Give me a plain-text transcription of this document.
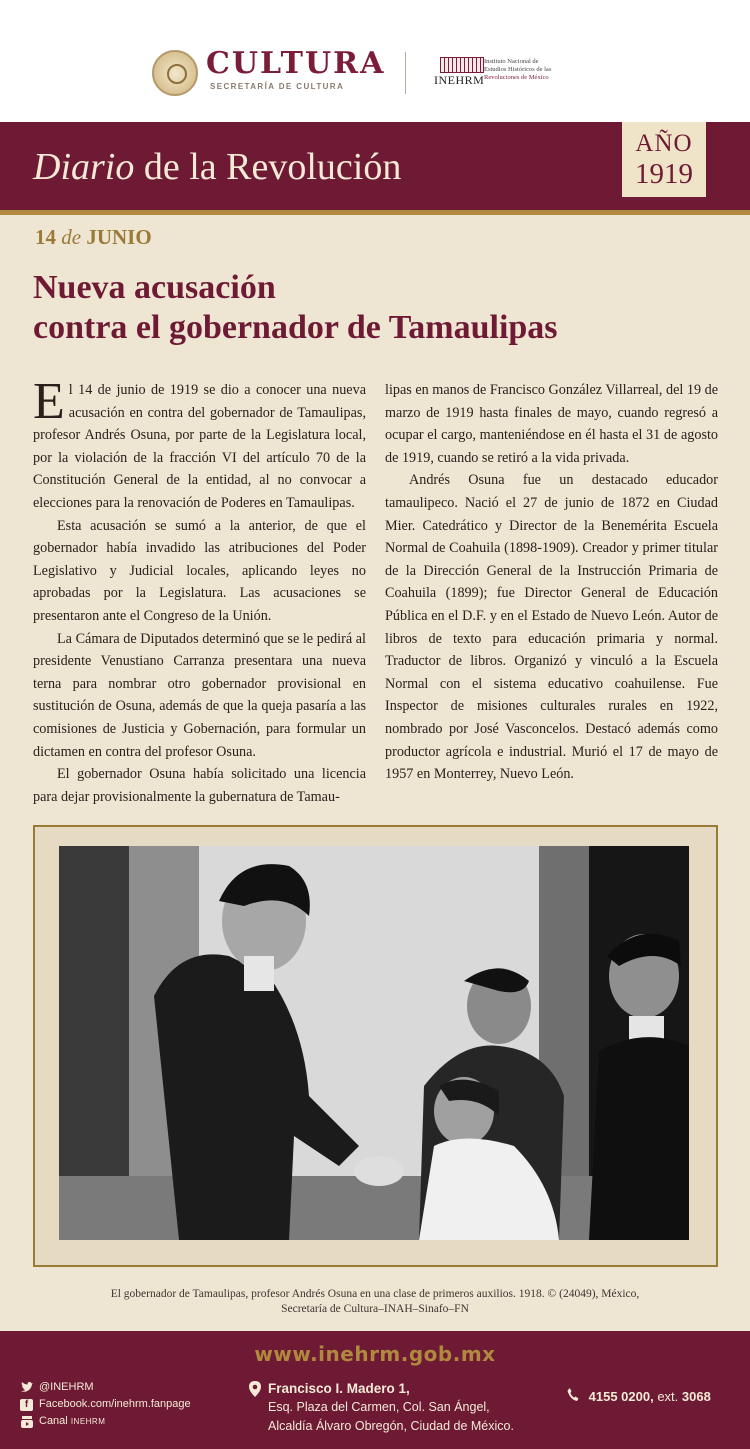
CULTURA
SECRETARÍA DE CULTURA	INEHRM
Instituto Nacional de
Estudios Históricos de las
Revoluciones de México
Diario de la Revolución
AÑO
1919
14 de JUNIO
Nueva acusación
contra el gobernador de Tamaulipas

El 14 de junio de 1919 se dio a conocer una nueva acusación en contra del gobernador de Tamaulipas, profesor Andrés Osuna, por parte de la Legislatura local, por la violación de la fracción VI del artículo 70 de la Constitución General de la entidad, al no convocar a elecciones para la renovación de Poderes en Tamaulipas.

Esta acusación se sumó a la anterior, de que el gobernador había invadido las atribuciones del Poder Legislativo y Judicial locales, aplicando leyes no aprobadas por la Legislatura. Las acusaciones se presentaron ante el Congreso de la Unión.

La Cámara de Diputados determinó que se le pedirá al presidente Venustiano Carranza presentara una nueva terna para nombrar otro gobernador provisional en sustitución de Osuna, además de que la queja pasaría a las comisiones de Justicia y Gobernación, para formular un dictamen en contra del profesor Osuna.

El gobernador Osuna había solicitado una licencia para dejar provisionalmente la gubernatura de Tamau-

lipas en manos de Francisco González Villarreal, del 19 de marzo de 1919 hasta finales de mayo, cuando regresó a ocupar el cargo, manteniéndose en él hasta el 31 de agosto de 1919, cuando se retiró a la vida privada.

Andrés Osuna fue un destacado educador tamaulipeco. Nació el 27 de junio de 1872 en Ciudad Mier. Catedrático y Director de la Benemérita Escuela Normal de Coahuila (1898-1909). Creador y primer titular de la Dirección General de la Instrucción Primaria de Coahuila (1899); fue Director General de Educación Pública en el D.F. y en el Estado de Nuevo León. Autor de libros de texto para educación primaria y normal. Traductor de libros. Organizó y vinculó a la Escuela Normal con el sistema educativo coahuilense. Fue Inspector de misiones culturales rurales en 1922, nombrado por José Vasconcelos. Destacó además como productor agrícola e industrial. Murió el 17 de mayo de 1957 en Monterrey, Nuevo León.

El gobernador de Tamaulipas, profesor Andrés Osuna en una clase de primeros auxilios. 1918. © (24049), México,
Secretaría de Cultura–INAH–Sinafo–FN
www.inehrm.gob.mx
@INEHRM
f Facebook.com/inehrm.fanpage
Canal
INEHRM
Francisco I. Madero 1,
Esq. Plaza del Carmen, Col. San Ángel,
Alcaldía Álvaro Obregón, Ciudad de México.
4155 0200, ext. 3068
